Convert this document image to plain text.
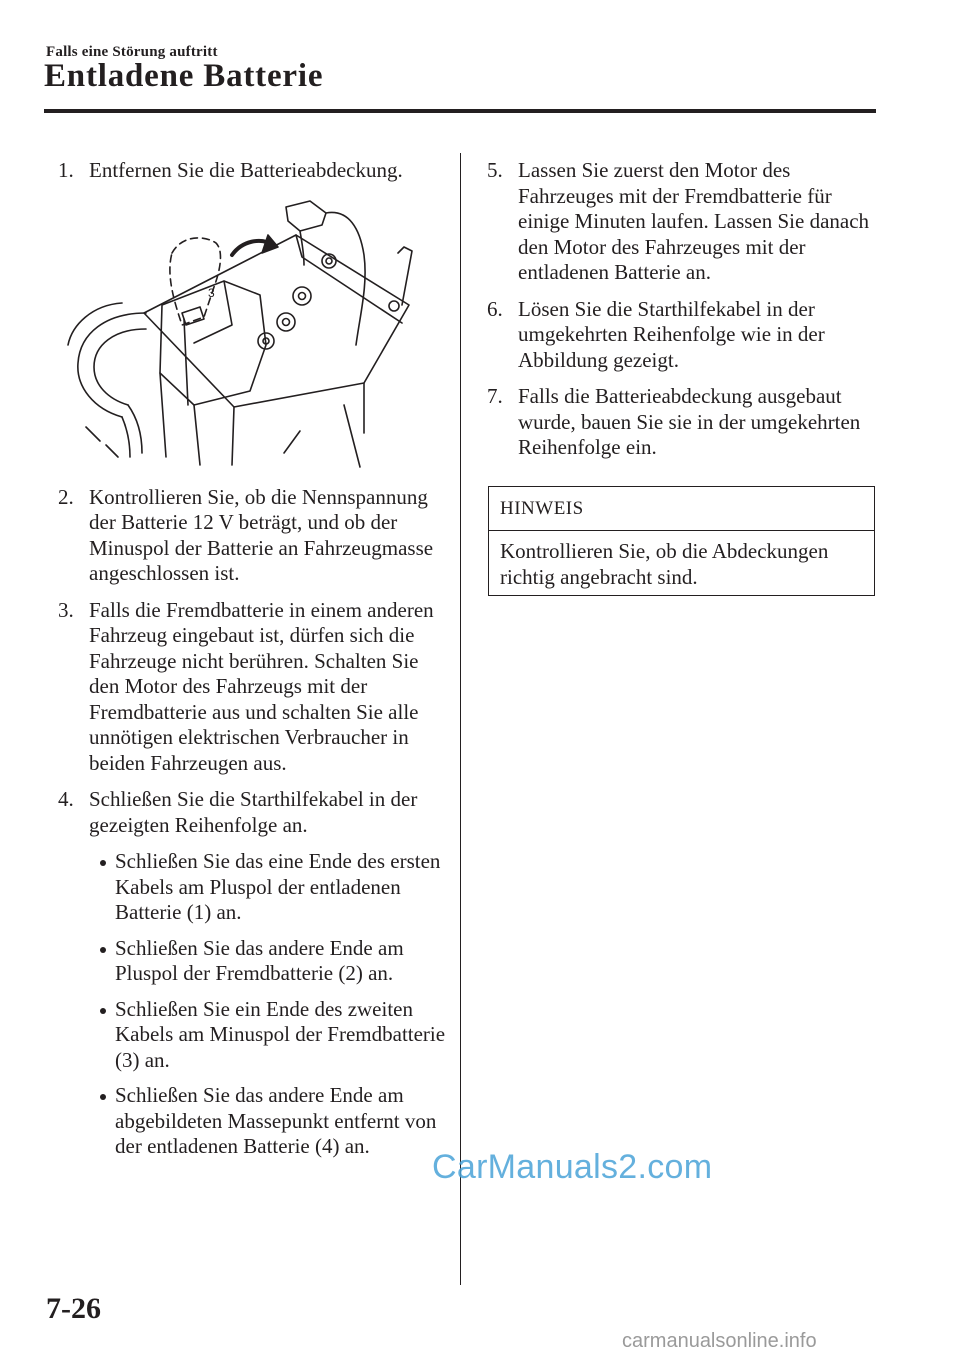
Falls eine Störung auftritt
Entladene Batterie
1. Entfernen Sie die Batterieabdeckung.
3
2. Kontrollieren Sie, ob die Nennspannung der Batterie 12 V beträgt, und ob der Minuspol der Batterie an Fahrzeugmasse angeschlossen ist.
3. Falls die Fremdbatterie in einem anderen Fahrzeug eingebaut ist, dürfen sich die Fahrzeuge nicht berühren. Schalten Sie den Motor des Fahrzeugs mit der Fremdbatterie aus und schalten Sie alle unnötigen elektrischen Verbraucher in beiden Fahrzeugen aus.
4. Schließen Sie die Starthilfekabel in der gezeigten Reihenfolge an.
Schließen Sie das eine Ende des ersten Kabels am Pluspol der entladenen Batterie (1) an.
Schließen Sie das andere Ende am Pluspol der Fremdbatterie (2) an.
Schließen Sie ein Ende des zweiten Kabels am Minuspol der Fremdbatterie (3) an.
Schließen Sie das andere Ende am abgebildeten Massepunkt entfernt von der entladenen Batterie (4) an.
5. Lassen Sie zuerst den Motor des Fahrzeuges mit der Fremdbatterie für einige Minuten laufen. Lassen Sie danach den Motor des Fahrzeuges mit der entladenen Batterie an.
6. Lösen Sie die Starthilfekabel in der umgekehrten Reihenfolge wie in der Abbildung gezeigt.
7. Falls die Batterieabdeckung ausgebaut wurde, bauen Sie sie in der umgekehrten Reihenfolge ein.
HINWEIS
Kontrollieren Sie, ob die Abdeckungen richtig angebracht sind.
CarManuals2.com
7-26
carmanualsonline.info
